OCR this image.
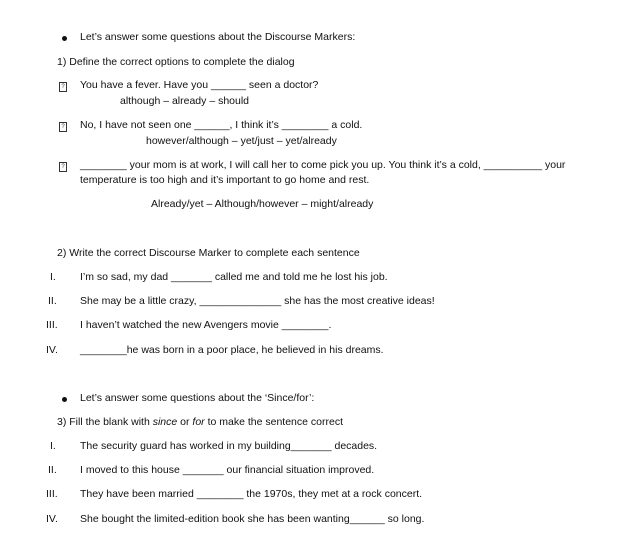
Let’s answer some questions about the Discourse Markers:
1) Define the correct options to complete the dialog
? You have a fever. Have you ______ seen a doctor?
although – already – should
? No, I have not seen one ______, I think it’s ________ a cold.
however/although – yet/just – yet/already
? ________ your mom is at work, I will call her to come pick you up. You think it’s a cold, __________ your
temperature is too high and it’s important to go home and rest.
Already/yet – Although/however – might/already
2) Write the correct Discourse Marker to complete each sentence
I. I’m so sad, my dad _______ called me and told me he lost his job.
II. She may be a little crazy, ______________ she has the most creative ideas!
III. I haven’t watched the new Avengers movie ________.
IV. ________he was born in a poor place, he believed in his dreams.
Let’s answer some questions about the ‘Since/for’:
3) Fill the blank with since or for to make the sentence correct
I. The security guard has worked in my building_______ decades.
II. I moved to this house _______ our financial situation improved.
III. They have been married ________ the 1970s, they met at a rock concert.
IV. She bought the limited-edition book she has been wanting______ so long.
